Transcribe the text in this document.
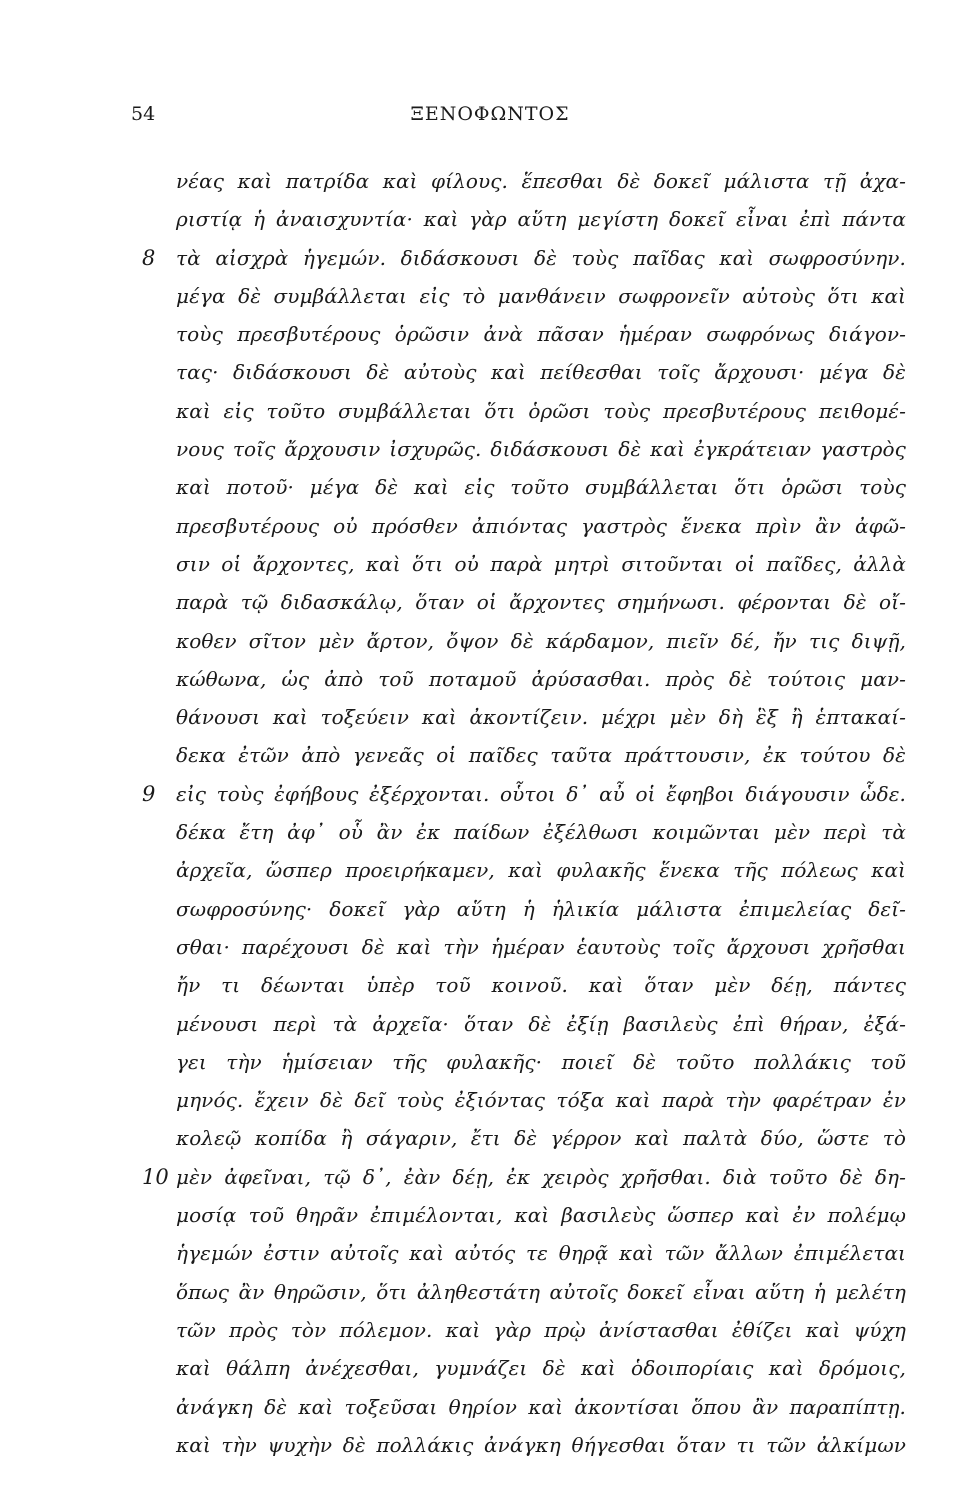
54	ΞΕΝΟΦΩΝΤΟΣ
νέας καὶ πατρίδα καὶ φίλους. ἕπεσθαι δὲ δοκεῖ μάλιστα τῇ ἀχα-
ριστίᾳ ἡ ἀναισχυντία· καὶ γὰρ αὕτη μεγίστη δοκεῖ εἶναι ἐπὶ πάντα
8 τὰ αἰσχρὰ ἡγεμών. διδάσκουσι δὲ τοὺς παῖδας καὶ σωφροσύνην.
μέγα δὲ συμβάλλεται εἰς τὸ μανθάνειν σωφρονεῖν αὐτοὺς ὅτι καὶ
τοὺς πρεσβυτέρους ὁρῶσιν ἀνὰ πᾶσαν ἡμέραν σωφρόνως διάγον-
τας· διδάσκουσι δὲ αὐτοὺς καὶ πείθεσθαι τοῖς ἄρχουσι· μέγα δὲ
καὶ εἰς τοῦτο συμβάλλεται ὅτι ὁρῶσι τοὺς πρεσβυτέρους πειθομέ-
νους τοῖς ἄρχουσιν ἰσχυρῶς. διδάσκουσι δὲ καὶ ἐγκράτειαν γαστρὸς
καὶ ποτοῦ· μέγα δὲ καὶ εἰς τοῦτο συμβάλλεται ὅτι ὁρῶσι τοὺς
πρεσβυτέρους οὐ πρόσθεν ἀπιόντας γαστρὸς ἕνεκα πρὶν ἂν ἀφῶ-
σιν οἱ ἄρχοντες, καὶ ὅτι οὐ παρὰ μητρὶ σιτοῦνται οἱ παῖδες, ἀλλὰ
παρὰ τῷ διδασκάλῳ, ὅταν οἱ ἄρχοντες σημήνωσι. φέρονται δὲ οἴ-
κοθεν σῖτον μὲν ἄρτον, ὄψον δὲ κάρδαμον, πιεῖν δέ, ἤν τις διψῇ,
κώθωνα, ὡς ἀπὸ τοῦ ποταμοῦ ἀρύσασθαι. πρὸς δὲ τούτοις μαν-
θάνουσι καὶ τοξεύειν καὶ ἀκοντίζειν. μέχρι μὲν δὴ ἓξ ἢ ἑπτακαί-
δεκα ἐτῶν ἀπὸ γενεᾶς οἱ παῖδες ταῦτα πράττουσιν, ἐκ τούτου δὲ
9 εἰς τοὺς ἐφήβους ἐξέρχονται. οὗτοι δ᾽ αὖ οἱ ἔφηβοι διάγουσιν ὧδε.
δέκα ἔτη ἀφ᾽ οὗ ἂν ἐκ παίδων ἐξέλθωσι κοιμῶνται μὲν περὶ τὰ
ἀρχεῖα, ὥσπερ προειρήκαμεν, καὶ φυλακῆς ἕνεκα τῆς πόλεως καὶ
σωφροσύνης· δοκεῖ γὰρ αὕτη ἡ ἡλικία μάλιστα ἐπιμελείας δεῖ-
σθαι· παρέχουσι δὲ καὶ τὴν ἡμέραν ἑαυτοὺς τοῖς ἄρχουσι χρῆσθαι
ἤν τι δέωνται ὑπὲρ τοῦ κοινοῦ. καὶ ὅταν μὲν δέῃ, πάντες
μένουσι περὶ τὰ ἀρχεῖα· ὅταν δὲ ἐξίῃ βασιλεὺς ἐπὶ θήραν, ἐξά-
γει τὴν ἡμίσειαν τῆς φυλακῆς· ποιεῖ δὲ τοῦτο πολλάκις τοῦ
μηνός. ἔχειν δὲ δεῖ τοὺς ἐξιόντας τόξα καὶ παρὰ τὴν φαρέτραν ἐν
κολεῷ κοπίδα ἢ σάγαριν, ἔτι δὲ γέρρον καὶ παλτὰ δύο, ὥστε τὸ
10 μὲν ἀφεῖναι, τῷ δ᾽, ἐὰν δέῃ, ἐκ χειρὸς χρῆσθαι. διὰ τοῦτο δὲ δη-
μοσίᾳ τοῦ θηρᾶν ἐπιμέλονται, καὶ βασιλεὺς ὥσπερ καὶ ἐν πολέμῳ
ἡγεμών ἐστιν αὐτοῖς καὶ αὐτός τε θηρᾷ καὶ τῶν ἄλλων ἐπιμέλεται
ὅπως ἂν θηρῶσιν, ὅτι ἀληθεστάτη αὐτοῖς δοκεῖ εἶναι αὕτη ἡ μελέτη
τῶν πρὸς τὸν πόλεμον. καὶ γὰρ πρῲ ἀνίστασθαι ἐθίζει καὶ ψύχη
καὶ θάλπη ἀνέχεσθαι, γυμνάζει δὲ καὶ ὁδοιπορίαις καὶ δρόμοις,
ἀνάγκη δὲ καὶ τοξεῦσαι θηρίον καὶ ἀκοντίσαι ὅπου ἂν παραπίπτῃ.
καὶ τὴν ψυχὴν δὲ πολλάκις ἀνάγκη θήγεσθαι ὅταν τι τῶν ἀλκίμων
